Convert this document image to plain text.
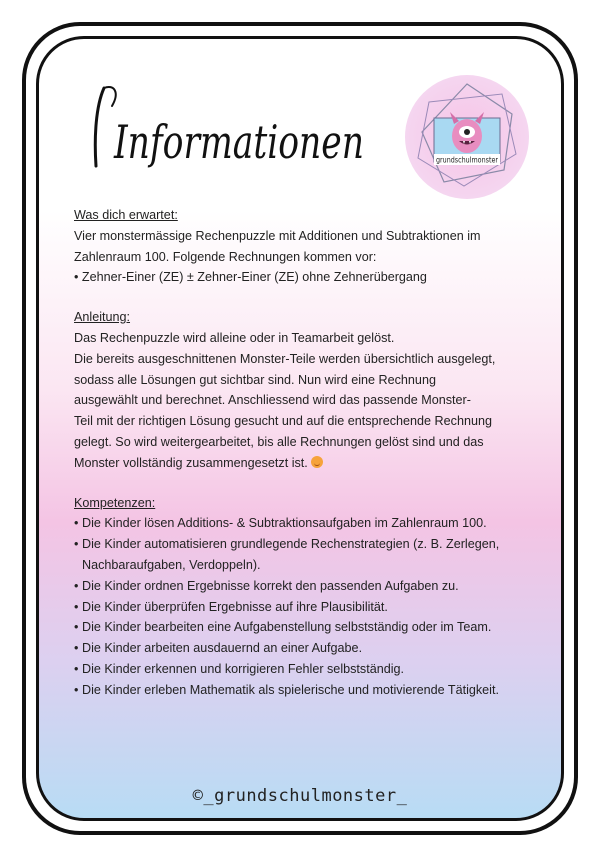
Informationen	grundschulmonster

Was dich erwartet:

Vier monstermässige Rechenpuzzle mit Additionen und Subtraktionen im

Zahlenraum 100. Folgende Rechnungen kommen vor:

• Zehner-Einer (ZE) ± Zehner-Einer (ZE) ohne Zehnerübergang

Anleitung:

Das Rechenpuzzle wird alleine oder in Teamarbeit gelöst.

Die bereits ausgeschnittenen Monster-Teile werden übersichtlich ausgelegt,

sodass alle Lösungen gut sichtbar sind. Nun wird eine Rechnung

ausgewählt und berechnet. Anschliessend wird das passende Monster-

Teil mit der richtigen Lösung gesucht und auf die entsprechende Rechnung

gelegt. So wird weitergearbeitet, bis alle Rechnungen gelöst sind und das

Monster vollständig zusammengesetzt ist.

Kompetenzen:

• Die Kinder lösen Additions- & Subtraktionsaufgaben im Zahlenraum 100.
• Die Kinder automatisieren grundlegende Rechenstrategien (z. B. Zerlegen,

Nachbaraufgaben, Verdoppeln).

• Die Kinder ordnen Ergebnisse korrekt den passenden Aufgaben zu.
• Die Kinder überprüfen Ergebnisse auf ihre Plausibilität.
• Die Kinder bearbeiten eine Aufgabenstellung selbstständig oder im Team.
• Die Kinder arbeiten ausdauernd an einer Aufgabe.
• Die Kinder erkennen und korrigieren Fehler selbstständig.
• Die Kinder erleben Mathematik als spielerische und motivierende Tätigkeit.
©_grundschulmonster_
